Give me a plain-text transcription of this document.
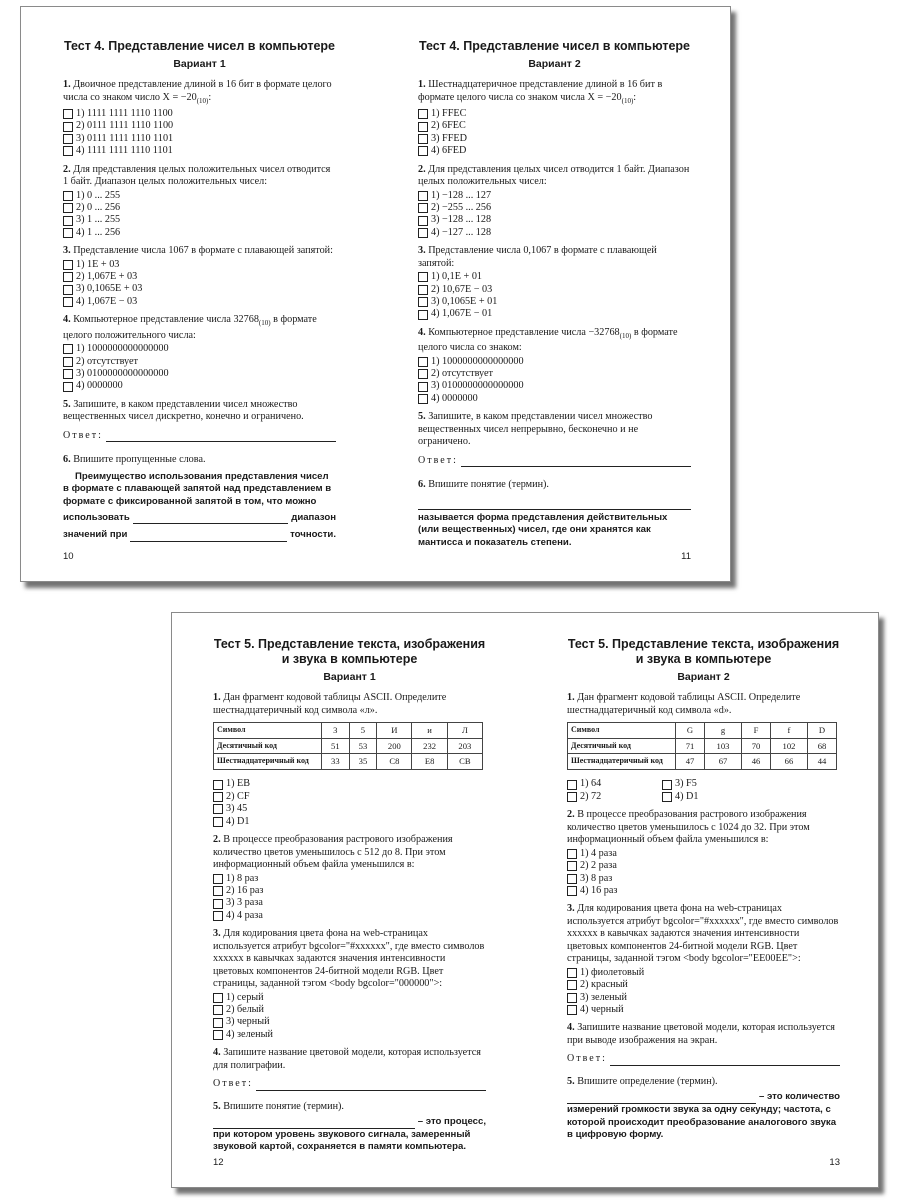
Тест 4. Представление чисел в компьютере
Вариант 1
1. Двоичное представление длиной в 16 бит в формате целого числа со знаком число $X = -20_{(10)}$:
1) 1111 1111 1110 1100
2) 0111 1111 1110 1100
3) 0111 1111 1110 1101
4) 1111 1111 1110 1101
2. Для представления целых положительных чисел отводится 1 байт. Диапазон целых положительных чисел:
1) 0 ... 255
2) 0 ... 256
3) 1 ... 255
4) 1 ... 256
3. Представление числа 1067 в формате с плавающей запятой:
1) 1E + 03
2) 1,067E + 03
3) 0,1065E + 03
4) 1,067E − 03
4. Компьютерное представление числа $32768_{(10)}$ в формате целого положительного числа:
1) 1000000000000000
2) отсутствует
3) 0100000000000000
4) 0000000
5. Запишите, в каком представлении чисел множество вещественных чисел дискретно, конечно и ограничено.
Ответ:
6. Впишите пропущенные слова.
Преимущество использования представления чисел в формате с плавающей запятой над представлением в формате с фиксированной запятой в том, что можно
использовать	диапазон
значений при	точности.
10
Тест 4. Представление чисел в компьютере
Вариант 2
1. Шестнадцатеричное представление длиной в 16 бит в формате целого числа со знаком числа $X = -20_{(10)}$:
1) FFEC
2) 6FEC
3) FFED
4) 6FED
2. Для представления целых чисел отводится 1 байт. Диапазон целых положительных чисел:
1) −128 ... 127
2) −255 ... 256
3) −128 ... 128
4) −127 ... 128
3. Представление числа 0,1067 в формате с плавающей запятой:
1) 0,1E + 01
2) 10,67E − 03
3) 0,1065E + 01
4) 1,067E − 01
4. Компьютерное представление числа $-32768_{(10)}$ в формате целого числа со знаком:
1) 1000000000000000
2) отсутствует
3) 0100000000000000
4) 0000000
5. Запишите, в каком представлении чисел множество вещественных чисел непрерывно, бесконечно и не ограничено.
Ответ:
6. Впишите понятие (термин).
называется форма представления действительных (или вещественных) чисел, где они хранятся как мантисса и показатель степени.
11
Тест 5. Представление текста, изображения и звука в компьютере
Вариант 1
1. Дан фрагмент кодовой таблицы ASCII. Определите шестнадцатеричный код символа «л».
Символ	3	5	И	и	Л
Десятичный код	51	53	200	232	203
Шестнадцатеричный код	33	35	C8	E8	CB
1) EB
2) CF
3) 45
4) D1
2. В процессе преобразования растрового изображения количество цветов уменьшилось с 512 до 8. При этом информационный объем файла уменьшился в:
1) 8 раз
2) 16 раз
3) 3 раза
4) 4 раза
3. Для кодирования цвета фона на web-страницах используется атрибут bgcolor="#xxxxxx", где вместо символов xxxxxx в кавычках задаются значения интенсивности цветовых компонентов 24-битной модели RGB. Цвет страницы, заданной тэгом <body bgcolor="000000">:
1) серый
2) белый
3) черный
4) зеленый
4. Запишите название цветовой модели, которая используется для полиграфии.
Ответ:
5. Впишите понятие (термин).
– это процесс,
при котором уровень звукового сигнала, замеренный звуковой картой, сохраняется в памяти компьютера.
12
Тест 5. Представление текста, изображения и звука в компьютере
Вариант 2
1. Дан фрагмент кодовой таблицы ASCII. Определите шестнадцатеричный код символа «d».
Символ	G	g	F	f	D
Десятичный код	71	103	70	102	68
Шестнадцатеричный код	47	67	46	66	44
1) 64	3) F5
2) 72	4) D1
2. В процессе преобразования растрового изображения количество цветов уменьшилось с 1024 до 32. При этом информационный объем файла уменьшился в:
1) 4 раза
2) 2 раза
3) 8 раз
4) 16 раз
3. Для кодирования цвета фона на web-страницах используется атрибут bgcolor="#xxxxxx", где вместо символов xxxxxx в кавычках задаются значения интенсивности цветовых компонентов 24-битной модели RGB. Цвет страницы, заданной тэгом <body bgcolor="EE00EE">:
1) фиолетовый
2) красный
3) зеленый
4) черный
4. Запишите название цветовой модели, которая используется при выводе изображения на экран.
Ответ:
5. Впишите определение (термин).
– это количество
измерений громкости звука за одну секунду; частота, с которой происходит преобразование аналогового звука в цифровую форму.
13
